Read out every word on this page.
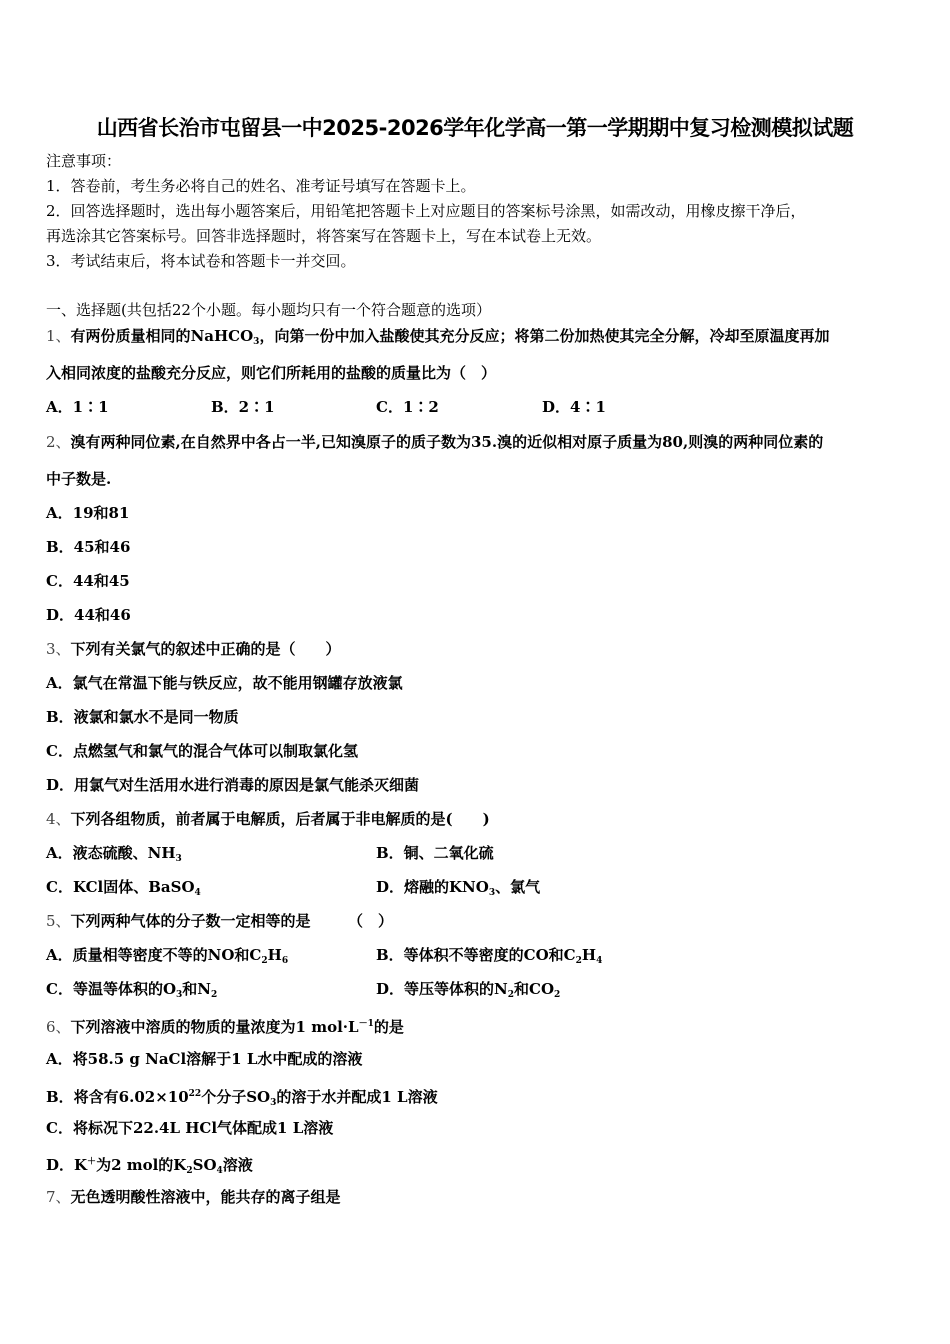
山西省长治市屯留县一中2025-2026学年化学高一第一学期期中复习检测模拟试题
注意事项：
1．答卷前，考生务必将自己的姓名、准考证号填写在答题卡上。
2．回答选择题时，选出每小题答案后，用铅笔把答题卡上对应题目的答案标号涂黑，如需改动，用橡皮擦干净后，
再选涂其它答案标号。回答非选择题时，将答案写在答题卡上，写在本试卷上无效。
3．考试结束后，将本试卷和答题卡一并交回。
一、选择题(共包括22个小题。每小题均只有一个符合题意的选项）
1、有两份质量相同的NaHCO$_3$，向第一份中加入盐酸使其充分反应；将第二份加热使其完全分解，冷却至原温度再加
入相同浓度的盐酸充分反应，则它们所耗用的盐酸的质量比为（　）
A．1∶1	B．2∶1	C．1∶2	D．4∶1
2、溴有两种同位素,在自然界中各占一半,已知溴原子的质子数为35.溴的近似相对原子质量为80,则溴的两种同位素的
中子数是.
A．19和81
B．45和46
C．44和45
D．44和46
3、下列有关氯气的叙述中正确的是（　　）
A．氯气在常温下能与铁反应，故不能用钢罐存放液氯
B．液氯和氯水不是同一物质
C．点燃氢气和氯气的混合气体可以制取氯化氢
D．用氯气对生活用水进行消毒的原因是氯气能杀灭细菌
4、下列各组物质，前者属于电解质，后者属于非电解质的是(　　)
A．液态硫酸、$NH_3$	B．铜、二氧化硫
C．KCl固体、BaSO$_4$	D．熔融的$KNO_3$、氯气
5、下列两种气体的分子数一定相等的是　　　（　）
A．质量相等密度不等的NO和$C_2H_6$	B．等体积不等密度的CO和$C_2H_4$
C．等温等体积的$O_3$和$N_2$	D．等压等体积的$N_2$和$CO_2$
6、下列溶液中溶质的物质的量浓度为1 $mol\cdot L^{-1}$的是
A．将58.5 g NaCl溶解于1 L水中配成的溶液
B．将含有$6.02\times 10^{22}$个分子$SO_3$的溶于水并配成1 L溶液
C．将标况下22.4L HCl气体配成1 L溶液
D．K＋为2 mol的$K_2SO_4$溶液
7、无色透明酸性溶液中，能共存的离子组是
